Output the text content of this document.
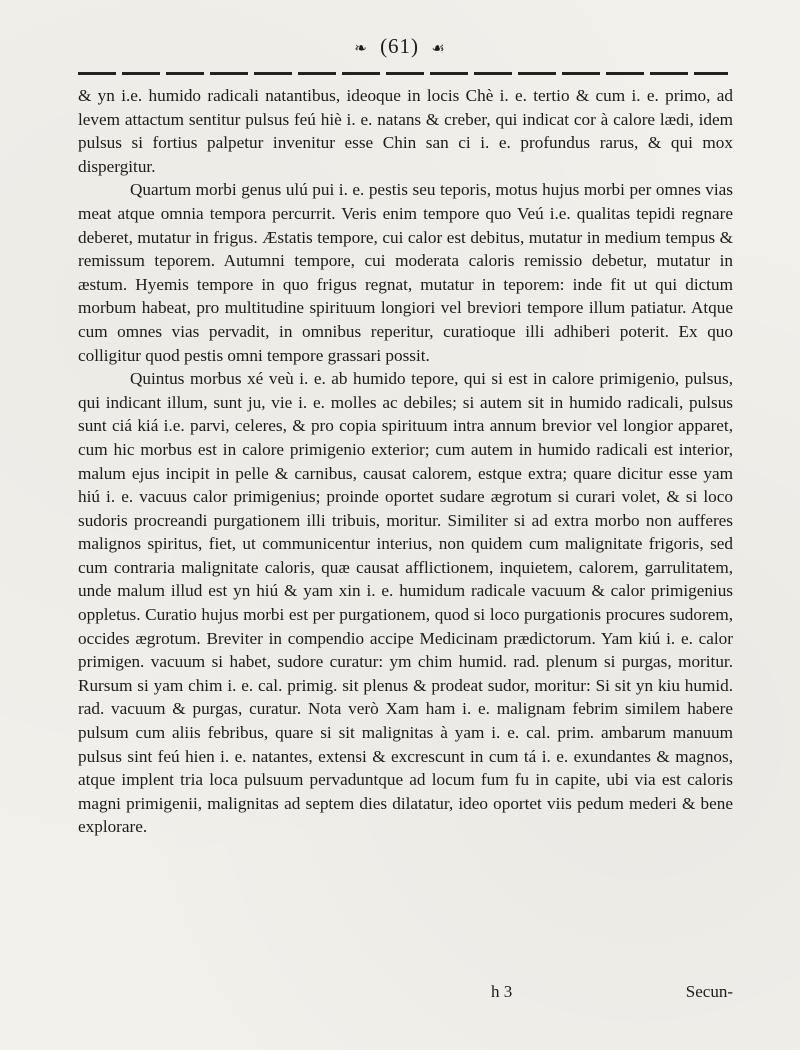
❧ (61) ☙

& yn i.e. humido radicali natantibus, ideoque in locis Chè i. e. tertio & cum i. e. primo, ad levem attactum sentitur pulsus feú hiè i. e. natans & creber, qui indicat cor à calore lædi, idem pulsus si fortius palpetur invenitur esse Chin san ci i. e. profundus rarus, & qui mox dispergitur.

Quartum morbi genus ulú pui i. e. pestis seu teporis, motus hujus morbi per omnes vias meat atque omnia tempora percurrit. Veris enim tempore quo Veú i.e. qualitas tepidi regnare deberet, mutatur in frigus. Æstatis tempore, cui calor est debitus, mutatur in medium tempus & remissum teporem. Autumni tempore, cui moderata caloris remissio debetur, mutatur in æstum. Hyemis tempore in quo frigus regnat, mutatur in teporem: inde fit ut qui dictum morbum habeat, pro multitudine spirituum longiori vel breviori tempore illum patiatur. Atque cum omnes vias pervadit, in omnibus reperitur, curatioque illi adhiberi poterit. Ex quo colligitur quod pestis omni tempore grassari possit.

Quintus morbus xé veù i. e. ab humido tepore, qui si est in calore primigenio, pulsus, qui indicant illum, sunt ju, vie i. e. molles ac debiles; si autem sit in humido radicali, pulsus sunt ciá kiá i.e. parvi, celeres, & pro copia spirituum intra annum brevior vel longior apparet, cum hic morbus est in calore primigenio exterior; cum autem in humido radicali est interior, malum ejus incipit in pelle & carnibus, causat calorem, estque extra; quare dicitur esse yam hiú i. e. vacuus calor primigenius; proinde oportet sudare ægrotum si curari volet, & si loco sudoris procreandi purgationem illi tribuis, moritur. Similiter si ad extra morbo non aufferes malignos spiritus, fiet, ut communicentur interius, non quidem cum malignitate frigoris, sed cum contraria malignitate caloris, quæ causat afflictionem, inquietem, calorem, garrulitatem, unde malum illud est yn hiú & yam xin i. e. humidum radicale vacuum & calor primigenius oppletus. Curatio hujus morbi est per purgationem, quod si loco purgationis procures sudorem, occides ægrotum. Breviter in compendio accipe Medicinam prædictorum. Yam kiú i. e. calor primigen. vacuum si habet, sudore curatur: ym chim humid. rad. plenum si purgas, moritur. Rursum si yam chim i. e. cal. primig. sit plenus & prodeat sudor, moritur: Si sit yn kiu humid. rad. vacuum & purgas, curatur. Nota verò Xam ham i. e. malignam febrim similem habere pulsum cum aliis febribus, quare si sit malignitas à yam i. e. cal. prim. ambarum manuum pulsus sint feú hien i. e. natantes, extensi & excrescunt in cum tá i. e. exundantes & magnos, atque implent tria loca pulsuum pervaduntque ad locum fum fu in capite, ubi via est caloris magni primigenii, malignitas ad septem dies dilatatur, ideo oportet viis pedum mederi & bene explorare.

h 3	Secun-
